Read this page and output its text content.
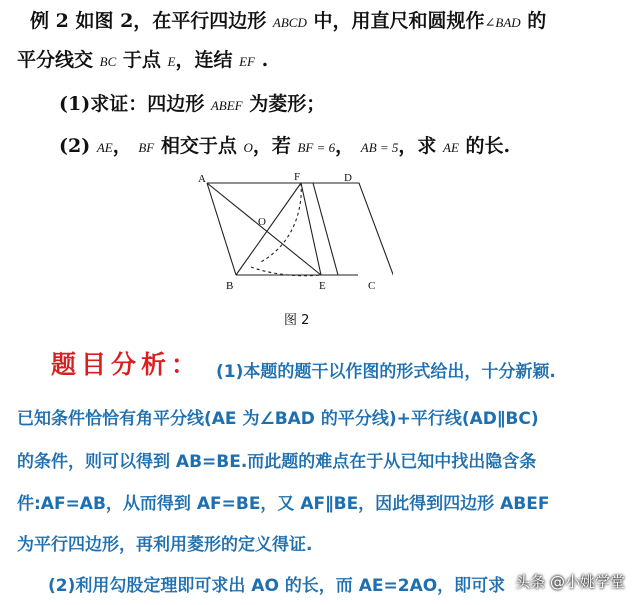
例 2 如图 2，在平行四边形 ABCD 中，用直尺和圆规作∠BAD 的
平分线交 BC 于点 E，连结 EF .
(1)求证：四边形 ABEF 为菱形；
(2) AE， BF 相交于点 O，若 BF = 6， AB = 5，求 AE 的长.
A	F	D
O
B	E	C
图 2
题目分析： (1)本题的题干以作图的形式给出，十分新颖.
已知条件恰恰有角平分线(AE 为∠BAD 的平分线)+平行线(AD∥BC)
的条件，则可以得到 AB=BE.而此题的难点在于从已知中找出隐含条
件:AF=AB，从而得到 AF=BE，又 AF∥BE，因此得到四边形 ABEF
为平行四边形，再利用菱形的定义得证.
(2)利用勾股定理即可求出 AO 的长，而 AE=2AO，即可求 头条 @小姚学堂
